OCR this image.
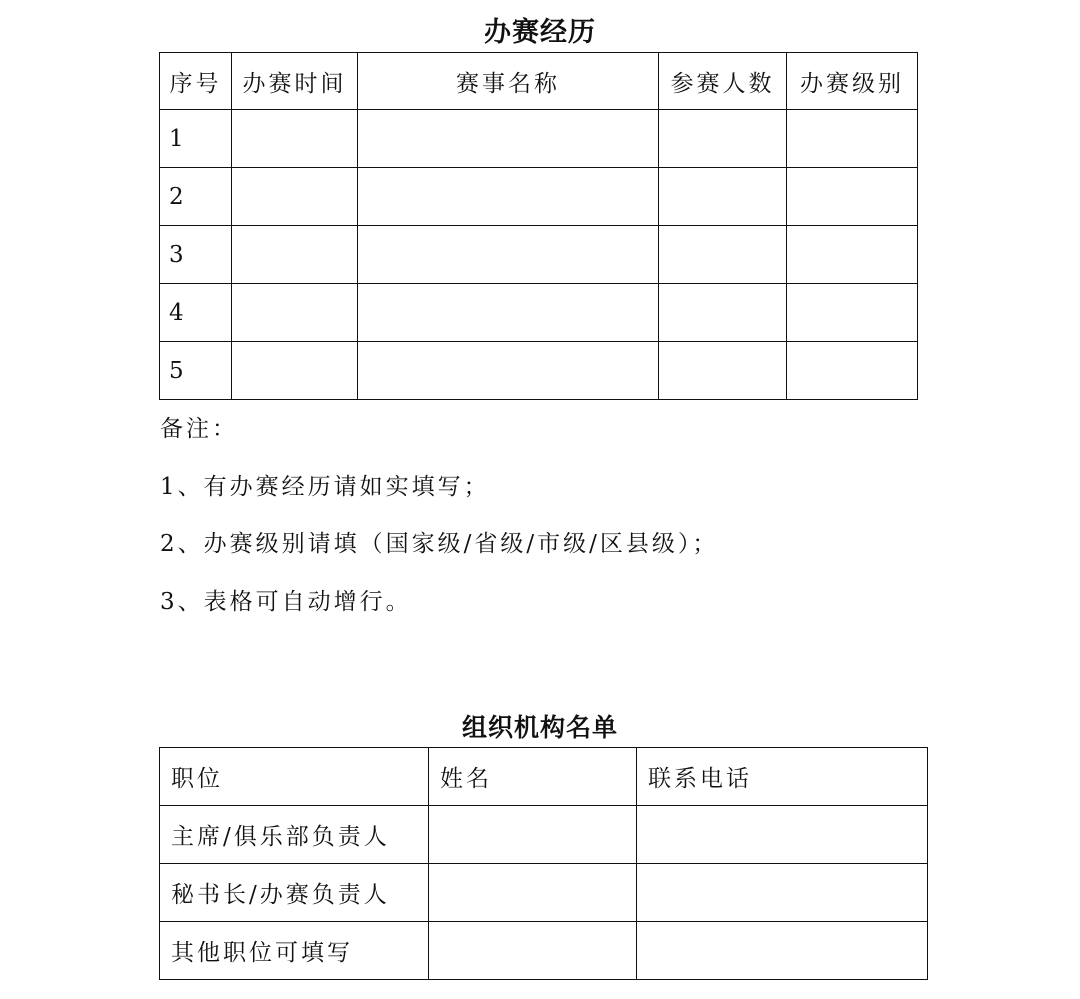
办赛经历
序号	办赛时间	赛事名称	参赛人数	办赛级别
1				
2				
3				
4				
5				
备注：
1、有办赛经历请如实填写；
2、办赛级别请填（国家级/省级/市级/区县级）；
3、表格可自动增行。
组织机构名单
职位	姓名	联系电话
主席/俱乐部负责人		
秘书长/办赛负责人		
其他职位可填写		
